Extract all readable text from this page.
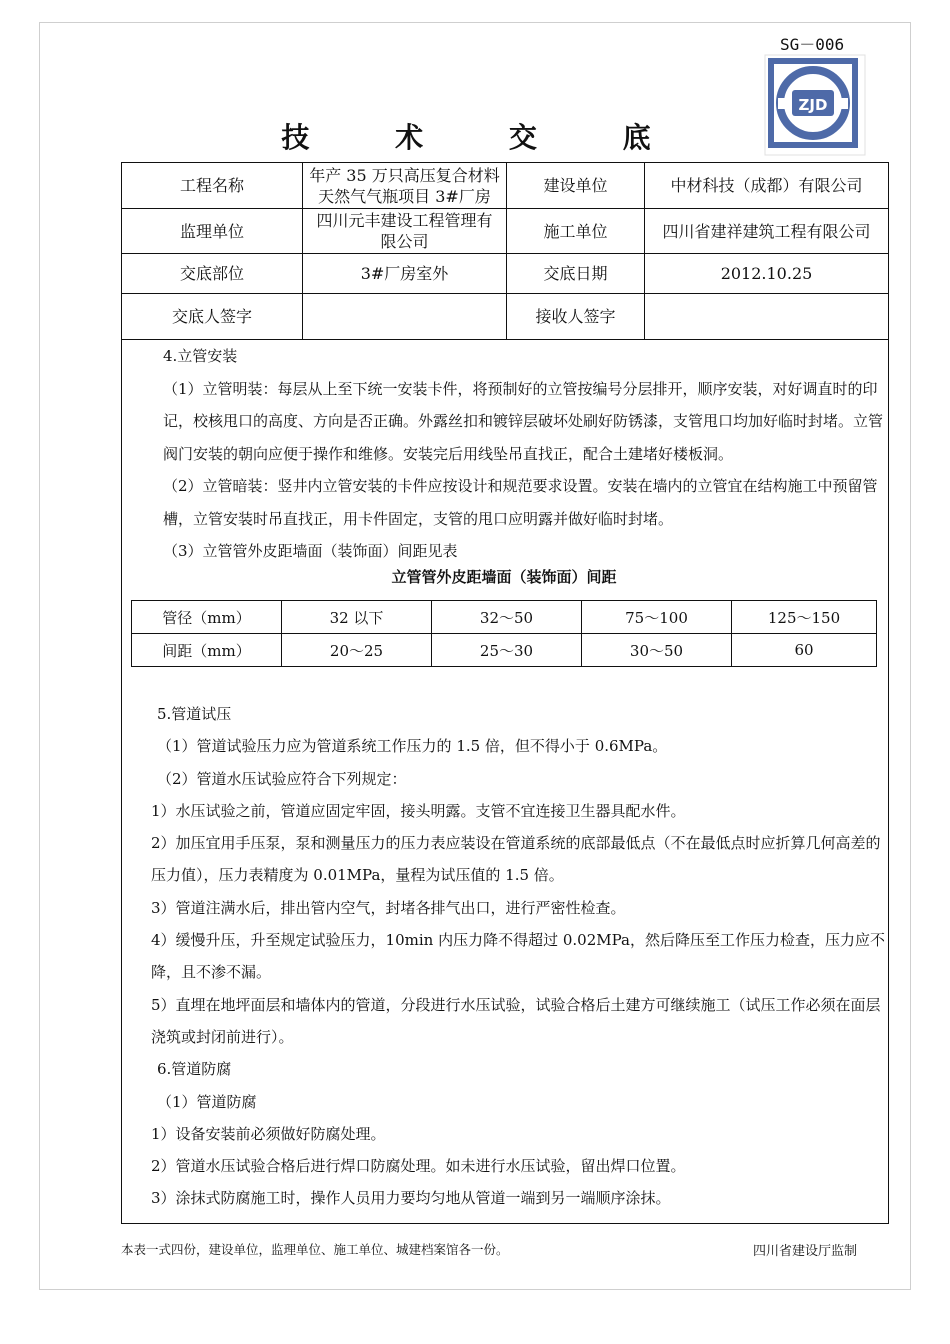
SG－006
ZJD
技 术 交 底
工程名称	年产 35 万只高压复合材料天然气气瓶项目 3#厂房	建设单位	中材科技（成都）有限公司
监理单位	四川元丰建设工程管理有限公司	施工单位	四川省建祥建筑工程有限公司
交底部位	3#厂房室外	交底日期	2012.10.25
交底人签字		接收人签字	

4.立管安装

（1）立管明装：每层从上至下统一安装卡件，将预制好的立管按编号分层排开，顺序安装，对好调直时的印记，校核甩口的高度、方向是否正确。外露丝扣和镀锌层破坏处刷好防锈漆，支管甩口均加好临时封堵。立管阀门安装的朝向应便于操作和维修。安装完后用线坠吊直找正，配合土建堵好楼板洞。

（2）立管暗装：竖井内立管安装的卡件应按设计和规范要求设置。安装在墙内的立管宜在结构施工中预留管槽，立管安装时吊直找正，用卡件固定，支管的甩口应明露并做好临时封堵。

（3）立管管外皮距墙面（装饰面）间距见表

立管管外皮距墙面（装饰面）间距
管径（mm）	32 以下	32～50	75～100	125～150
间距（mm）	20～25	25～30	30～50	60

5.管道试压

（1）管道试验压力应为管道系统工作压力的 1.5 倍，但不得小于 0.6MPa。

（2）管道水压试验应符合下列规定：

1）水压试验之前，管道应固定牢固，接头明露。支管不宜连接卫生器具配水件。

2）加压宜用手压泵，泵和测量压力的压力表应装设在管道系统的底部最低点（不在最低点时应折算几何高差的压力值），压力表精度为 0.01MPa，量程为试压值的 1.5 倍。

3）管道注满水后，排出管内空气，封堵各排气出口，进行严密性检查。

4）缓慢升压，升至规定试验压力，10min 内压力降不得超过 0.02MPa，然后降压至工作压力检查，压力应不降，且不渗不漏。

5）直埋在地坪面层和墙体内的管道，分段进行水压试验，试验合格后土建方可继续施工（试压工作必须在面层浇筑或封闭前进行）。

6.管道防腐

（1）管道防腐

1）设备安装前必须做好防腐处理。

2）管道水压试验合格后进行焊口防腐处理。如未进行水压试验，留出焊口位置。

3）涂抹式防腐施工时，操作人员用力要均匀地从管道一端到另一端顺序涂抹。

本表一式四份，建设单位，监理单位、施工单位、城建档案馆各一份。	四川省建设厅监制
